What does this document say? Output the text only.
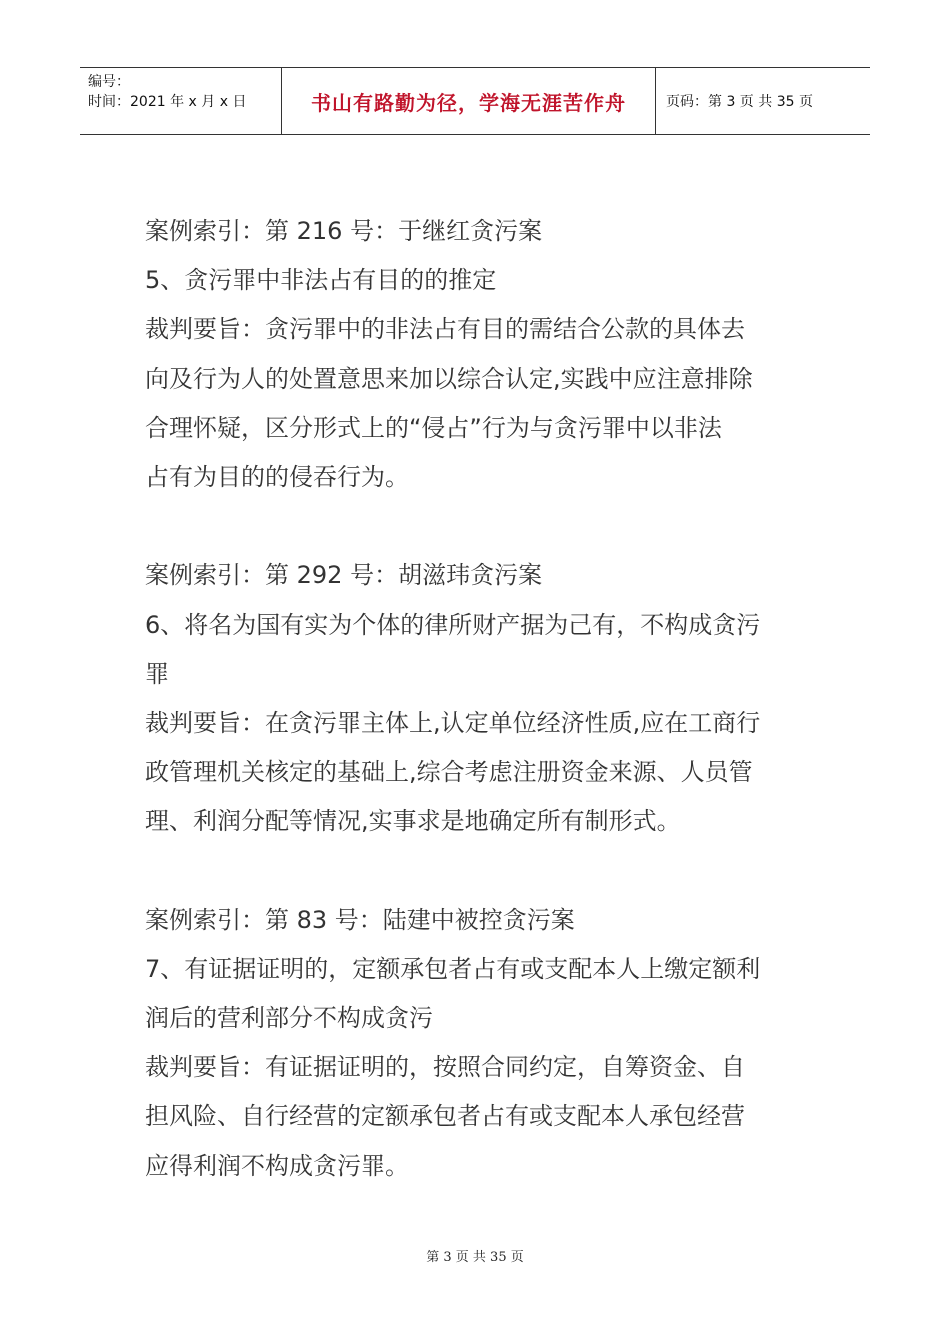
编号：
时间：2021 年 x 月 x 日	书山有路勤为径，学海无涯苦作舟	页码：第 3 页 共 35 页
案例索引：第 216 号：于继红贪污案
5、贪污罪中非法占有目的的推定
裁判要旨：贪污罪中的非法占有目的需结合公款的具体去
向及行为人的处置意思来加以综合认定,实践中应注意排除
合理怀疑，区分形式上的“侵占”行为与贪污罪中以非法
占有为目的的侵吞行为。
案例索引：第 292 号：胡滋玮贪污案
6、将名为国有实为个体的律所财产据为己有，不构成贪污
罪
裁判要旨：在贪污罪主体上,认定单位经济性质,应在工商行
政管理机关核定的基础上,综合考虑注册资金来源、人员管
理、利润分配等情况,实事求是地确定所有制形式。
案例索引：第 83 号：陆建中被控贪污案
7、有证据证明的，定额承包者占有或支配本人上缴定额利
润后的营利部分不构成贪污
裁判要旨：有证据证明的，按照合同约定，自筹资金、自
担风险、自行经营的定额承包者占有或支配本人承包经营
应得利润不构成贪污罪。
第 3 页 共 35 页
